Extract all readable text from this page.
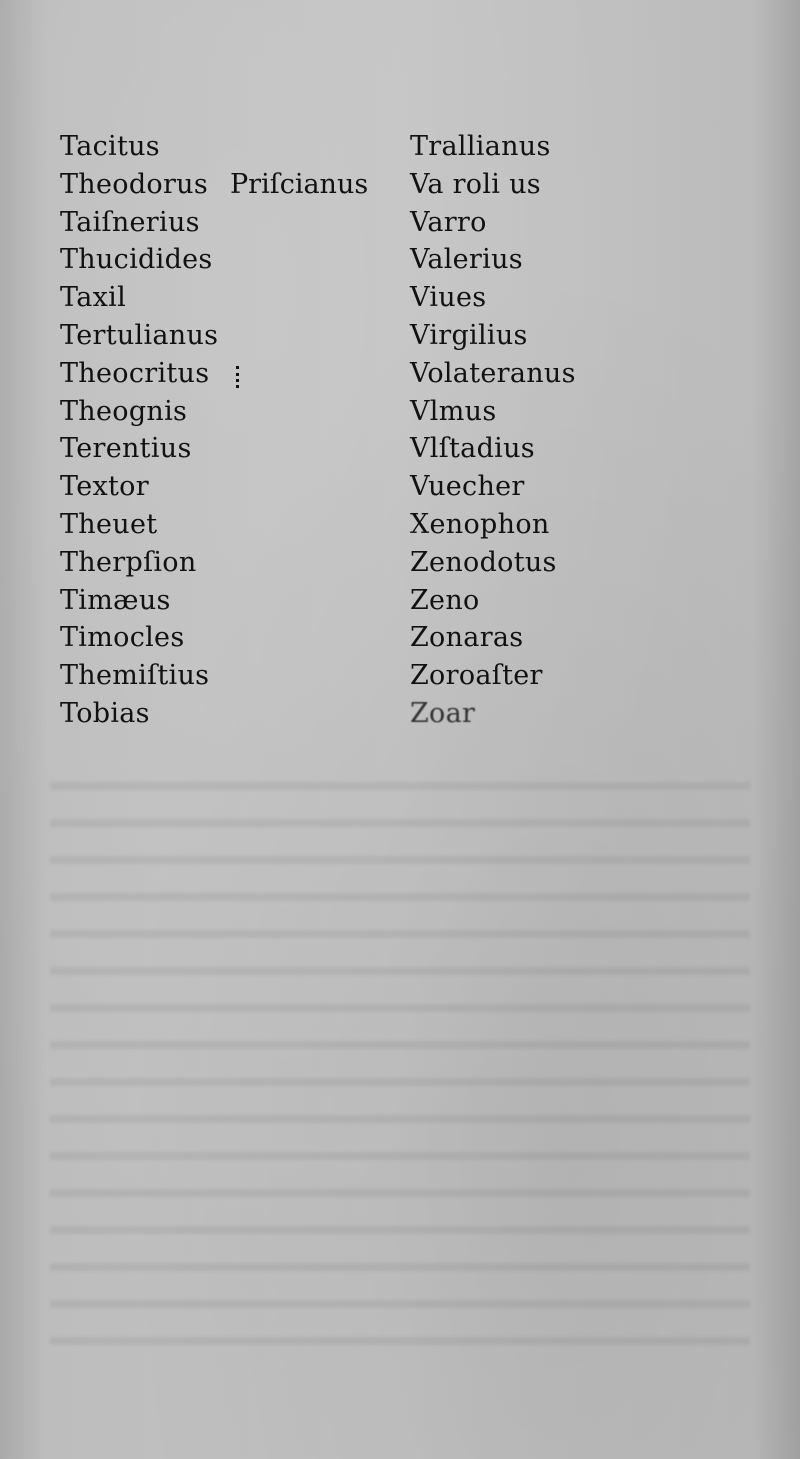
Tacitus
Theodorus
Taiſnerius
Thucidides
Taxil
Tertulianus
Theocritus
Theognis
Terentius
Textor
Theuet
Therpſion
Timæus
Timocles
Themiſtius
Tobias
Priſcianus
Trallianus
Va roli us
Varro
Valerius
Viues
Virgilius
Volateranus
Vlmus
Vlſtadius
Vuecher
Xenophon
Zenodotus
Zeno
Zonaras
Zoroaſter
Zoar
